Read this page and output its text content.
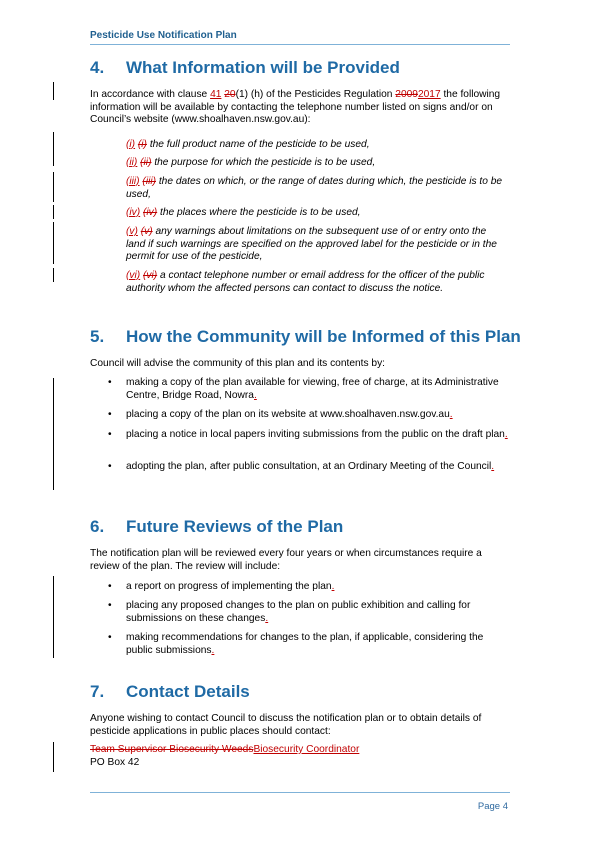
Pesticide Use Notification Plan
4. What Information will be Provided
In accordance with clause 41 20(1) (h) of the Pesticides Regulation 20092017 the following information will be available by contacting the telephone number listed on signs and/or on Council’s website (www.shoalhaven.nsw.gov.au):
(i) (i) the full product name of the pesticide to be used,
(ii) (ii) the purpose for which the pesticide is to be used,
(iii) (iii) the dates on which, or the range of dates during which, the pesticide is to be used,
(iv) (iv) the places where the pesticide is to be used,
(v) (v) any warnings about limitations on the subsequent use of or entry onto the land if such warnings are specified on the approved label for the pesticide or in the permit for use of the pesticide,
(vi) (vi) a contact telephone number or email address for the officer of the public authority whom the affected persons can contact to discuss the notice.
5. How the Community will be Informed of this Plan
Council will advise the community of this plan and its contents by:
•	making a copy of the plan available for viewing, free of charge, at its Administrative Centre, Bridge Road, Nowra.
•	placing a copy of the plan on its website at www.shoalhaven.nsw.gov.au.
•	placing a notice in local papers inviting submissions from the public on the draft plan.
•	adopting the plan, after public consultation, at an Ordinary Meeting of the Council.
6. Future Reviews of the Plan
The notification plan will be reviewed every four years or when circumstances require a review of the plan. The review will include:
•	a report on progress of implementing the plan.
•	placing any proposed changes to the plan on public exhibition and calling for submissions on these changes.
•	making recommendations for changes to the plan, if applicable, considering the public submissions.
7. Contact Details
Anyone wishing to contact Council to discuss the notification plan or to obtain details of pesticide applications in public places should contact:
Team Supervisor Biosecurity WeedsBiosecurity Coordinator
PO Box 42
Page 4
